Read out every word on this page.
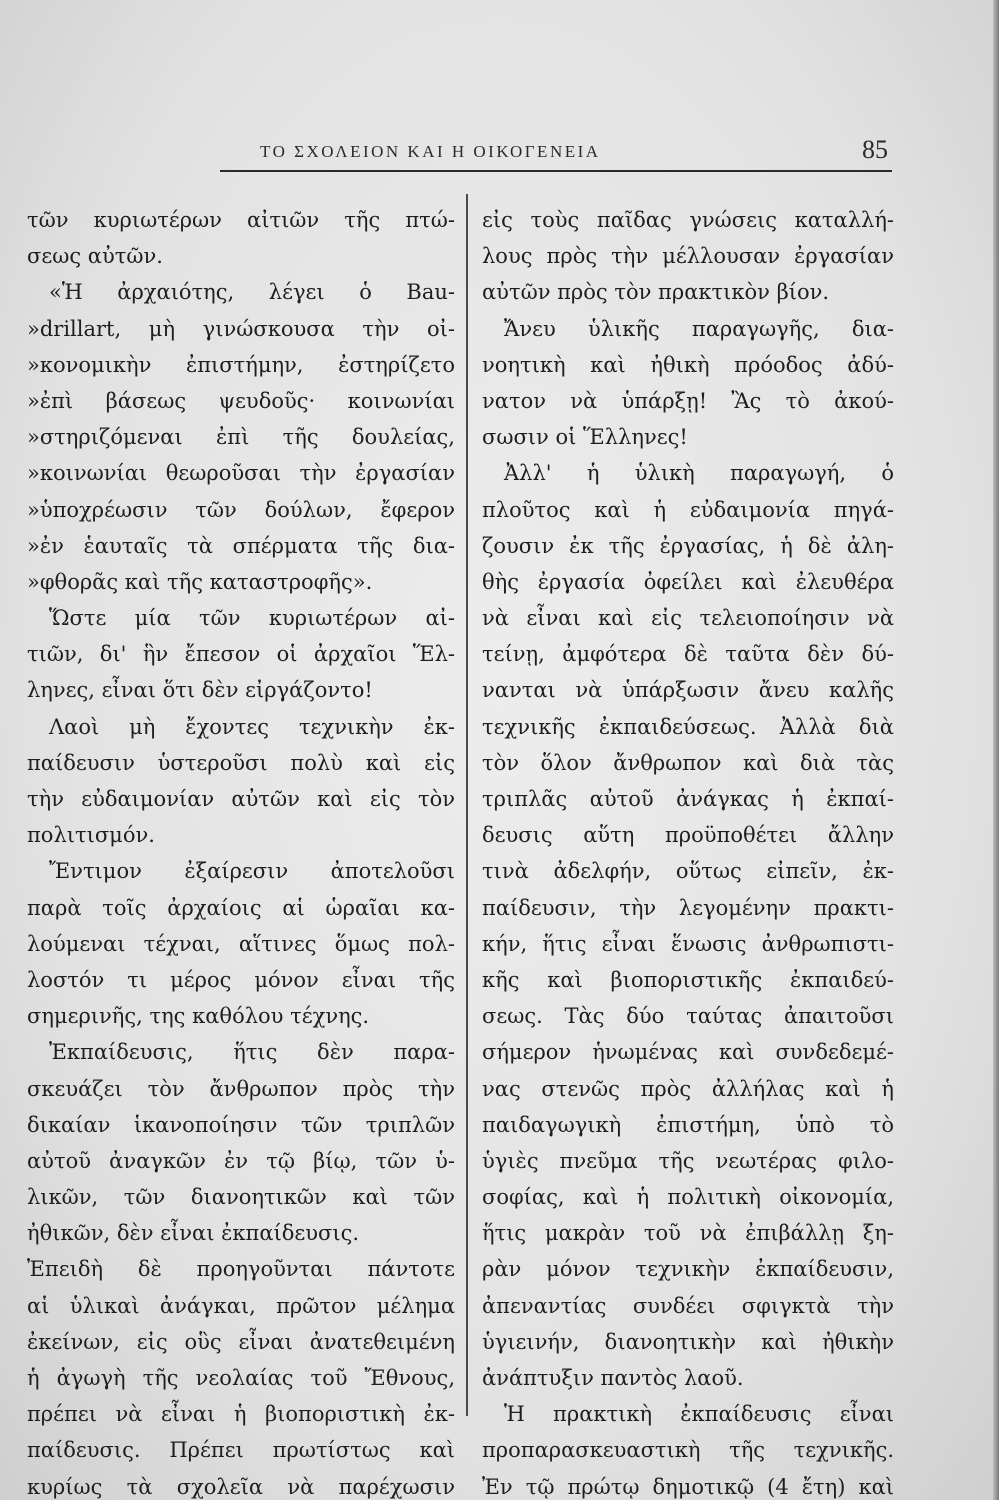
ΤΟ ΣΧΟΛΕΙΟΝ ΚΑΙ Η ΟΙΚΟΓΕΝΕΙΑ	85
τῶν κυριωτέρων αἰτιῶν τῆς πτώ-
σεως αὐτῶν.
«Ἡ ἀρχαιότης, λέγει ὁ Bau-
»drillart, μὴ γινώσκουσα τὴν οἰ-
»κονομικὴν ἐπιστήμην, ἐστηρίζετο
»ἐπὶ βάσεως ψευδοῦς· κοινωνίαι
»στηριζόμεναι ἐπὶ τῆς δουλείας,
»κοινωνίαι θεωροῦσαι τὴν ἐργασίαν
»ὑποχρέωσιν τῶν δούλων, ἔφερον
»ἐν ἑαυταῖς τὰ σπέρματα τῆς δια-
»φθορᾶς καὶ τῆς καταστροφῆς».
Ὥστε μία τῶν κυριωτέρων αἰ-
τιῶν, δι' ἣν ἔπεσον οἱ ἀρχαῖοι Ἕλ-
ληνες, εἶναι ὅτι δὲν εἰργάζοντο!
Λαοὶ μὴ ἔχοντες τεχνικὴν ἐκ-
παίδευσιν ὑστεροῦσι πολὺ καὶ εἰς
τὴν εὐδαιμονίαν αὐτῶν καὶ εἰς τὸν
πολιτισμόν.
Ἔντιμον ἐξαίρεσιν ἀποτελοῦσι
παρὰ τοῖς ἀρχαίοις αἱ ὡραῖαι κα-
λούμεναι τέχναι, αἵτινες ὅμως πολ-
λοστόν τι μέρος μόνον εἶναι τῆς
σημερινῆς, της καθόλου τέχνης.
Ἐκπαίδευσις, ἥτις δὲν παρα-
σκευάζει τὸν ἄνθρωπον πρὸς τὴν
δικαίαν ἱκανοποίησιν τῶν τριπλῶν
αὐτοῦ ἀναγκῶν ἐν τῷ βίῳ, τῶν ὑ-
λικῶν, τῶν διανοητικῶν καὶ τῶν
ἠθικῶν, δὲν εἶναι ἐκπαίδευσις.
Ἐπειδὴ δὲ προηγοῦνται πάντοτε
αἱ ὑλικαὶ ἀνάγκαι, πρῶτον μέλημα
ἐκείνων, εἰς οὓς εἶναι ἀνατεθειμένη
ἡ ἀγωγὴ τῆς νεολαίας τοῦ Ἔθνους,
πρέπει νὰ εἶναι ἡ βιοποριστικὴ ἐκ-
παίδευσις. Πρέπει πρωτίστως καὶ
κυρίως τὰ σχολεῖα νὰ παρέχωσιν
εἰς τοὺς παῖδας γνώσεις καταλλή-
λους πρὸς τὴν μέλλουσαν ἐργασίαν
αὐτῶν πρὸς τὸν πρακτικὸν βίον.
Ἄνευ ὑλικῆς παραγωγῆς, δια-
νοητικὴ καὶ ἠθικὴ πρόοδος ἀδύ-
νατον νὰ ὑπάρξῃ! Ἂς τὸ ἀκού-
σωσιν οἱ Ἕλληνες!
Ἀλλ' ἡ ὑλικὴ παραγωγή, ὁ
πλοῦτος καὶ ἡ εὐδαιμονία πηγά-
ζουσιν ἐκ τῆς ἐργασίας, ἡ δὲ ἀλη-
θὴς ἐργασία ὀφείλει καὶ ἐλευθέρα
νὰ εἶναι καὶ εἰς τελειοποίησιν νὰ
τείνῃ, ἀμφότερα δὲ ταῦτα δὲν δύ-
νανται νὰ ὑπάρξωσιν ἄνευ καλῆς
τεχνικῆς ἐκπαιδεύσεως. Ἀλλὰ διὰ
τὸν ὅλον ἄνθρωπον καὶ διὰ τὰς
τριπλᾶς αὐτοῦ ἀνάγκας ἡ ἐκπαί-
δευσις αὕτη προϋποθέτει ἄλλην
τινὰ ἀδελφήν, οὕτως εἰπεῖν, ἐκ-
παίδευσιν, τὴν λεγομένην πρακτι-
κήν, ἥτις εἶναι ἕνωσις ἀνθρωπιστι-
κῆς καὶ βιοποριστικῆς ἐκπαιδεύ-
σεως. Τὰς δύο ταύτας ἀπαιτοῦσι
σήμερον ἡνωμένας καὶ συνδεδεμέ-
νας στενῶς πρὸς ἀλλήλας καὶ ἡ
παιδαγωγικὴ ἐπιστήμη, ὑπὸ τὸ
ὑγιὲς πνεῦμα τῆς νεωτέρας φιλο-
σοφίας, καὶ ἡ πολιτικὴ οἰκονομία,
ἥτις μακρὰν τοῦ νὰ ἐπιβάλλῃ ξη-
ρὰν μόνον τεχνικὴν ἐκπαίδευσιν,
ἀπεναντίας συνδέει σφιγκτὰ τὴν
ὑγιεινήν, διανοητικὴν καὶ ἠθικὴν
ἀνάπτυξιν παντὸς λαοῦ.
Ἡ πρακτικὴ ἐκπαίδευσις εἶναι
προπαρασκευαστικὴ τῆς τεχνικῆς.
Ἐν τῷ πρώτῳ δημοτικῷ (4 ἔτη) καὶ
